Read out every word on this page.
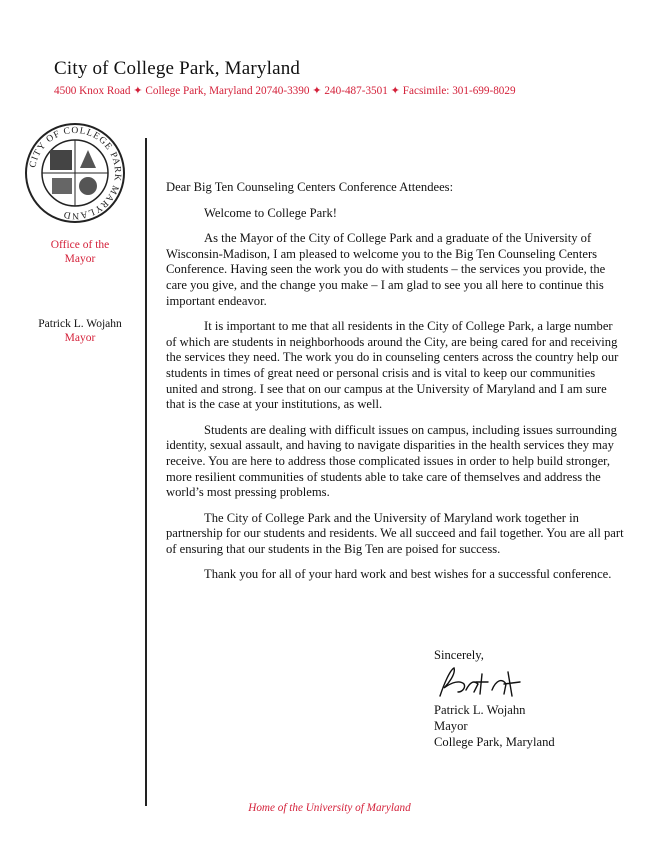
City of College Park, Maryland
4500 Knox Road ✦ College Park, Maryland 20740-3390 ✦ 240-487-3501 ✦ Facsimile: 301-699-8029
CITY OF COLLEGE PARK MARYLAND
Office of the
Mayor
Patrick L. Wojahn
Mayor

Dear Big Ten Counseling Centers Conference Attendees:

Welcome to College Park!

As the Mayor of the City of College Park and a graduate of the University of Wisconsin-Madison, I am pleased to welcome you to the Big Ten Counseling Centers Conference. Having seen the work you do with students – the services you provide, the care you give, and the change you make – I am glad to see you all here to continue this important endeavor.

It is important to me that all residents in the City of College Park, a large number of which are students in neighborhoods around the City, are being cared for and receiving the services they need. The work you do in counseling centers across the country help our students in times of great need or personal crisis and is vital to keep our communities united and strong. I see that on our campus at the University of Maryland and I am sure that is the case at your institutions, as well.

Students are dealing with difficult issues on campus, including issues surrounding identity, sexual assault, and having to navigate disparities in the health services they may receive. You are here to address those complicated issues in order to help build stronger, more resilient communities of students able to take care of themselves and address the world’s most pressing problems.

The City of College Park and the University of Maryland work together in partnership for our students and residents. We all succeed and fail together. You are all part of ensuring that our students in the Big Ten are poised for success.

Thank you for all of your hard work and best wishes for a successful conference.

Sincerely,
Patrick L. Wojahn
Mayor
College Park, Maryland
Home of the University of Maryland
